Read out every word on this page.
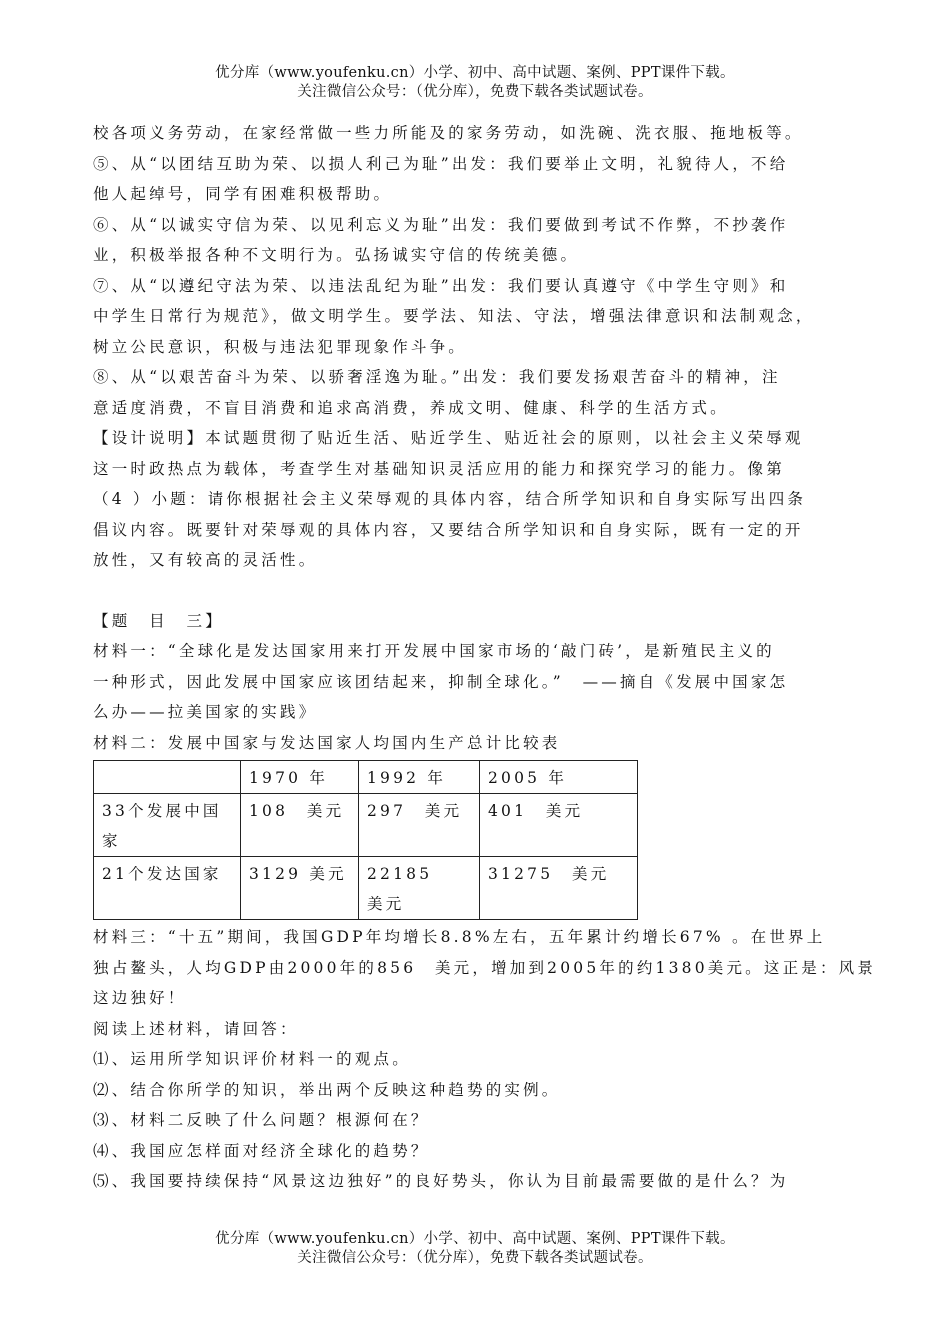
优分库（www.youfenku.cn）小学、初中、高中试题、案例、PPT课件下载。
关注微信公众号：（优分库），免费下载各类试题试卷。
校各项义务劳动，在家经常做一些力所能及的家务劳动，如洗碗、洗衣服、拖地板等。
⑤、从“以团结互助为荣、以损人利己为耻”出发：我们要举止文明，礼貌待人，不给
他人起绰号，同学有困难积极帮助。
⑥、从“以诚实守信为荣、以见利忘义为耻”出发：我们要做到考试不作弊，不抄袭作
业，积极举报各种不文明行为。弘扬诚实守信的传统美德。
⑦、从“以遵纪守法为荣、以违法乱纪为耻”出发：我们要认真遵守《中学生守则》和
中学生日常行为规范》，做文明学生。要学法、知法、守法，增强法律意识和法制观念，
树立公民意识，积极与违法犯罪现象作斗争。
⑧、从“以艰苦奋斗为荣、以骄奢淫逸为耻。”出发：我们要发扬艰苦奋斗的精神，注
意适度消费，不盲目消费和追求高消费，养成文明、健康、科学的生活方式。
【设计说明】本试题贯彻了贴近生活、贴近学生、贴近社会的原则，以社会主义荣辱观
这一时政热点为载体，考查学生对基础知识灵活应用的能力和探究学习的能力。像第
（4 ）小题：请你根据社会主义荣辱观的具体内容，结合所学知识和自身实际写出四条
倡议内容。既要针对荣辱观的具体内容，又要结合所学知识和自身实际，既有一定的开
放性，又有较高的灵活性。
【题　目　三】
材料一：“全球化是发达国家用来打开发展中国家市场的‘敲门砖’，是新殖民主义的
一种形式，因此发展中国家应该团结起来，抑制全球化。”　——摘自《发展中国家怎
么办——拉美国家的实践》
材料二：发展中国家与发达国家人均国内生产总计比较表
	1970 年	1992 年	2005 年
33个发展中国家	108　美元	297　美元	401　美元
21个发达国家	3129 美元	22185　　美元	31275　美元
材料三：“十五”期间，我国GDP年均增长8.8%左右，五年累计约增长67% 。在世界上
独占鳌头，人均GDP由2000年的856　美元，增加到2005年的约1380美元。这正是：风景
这边独好！
阅读上述材料，请回答：
⑴、运用所学知识评价材料一的观点。
⑵、结合你所学的知识，举出两个反映这种趋势的实例。
⑶、材料二反映了什么问题？根源何在？
⑷、我国应怎样面对经济全球化的趋势？
⑸、我国要持续保持“风景这边独好”的良好势头，你认为目前最需要做的是什么？为
优分库（www.youfenku.cn）小学、初中、高中试题、案例、PPT课件下载。
关注微信公众号：（优分库），免费下载各类试题试卷。
